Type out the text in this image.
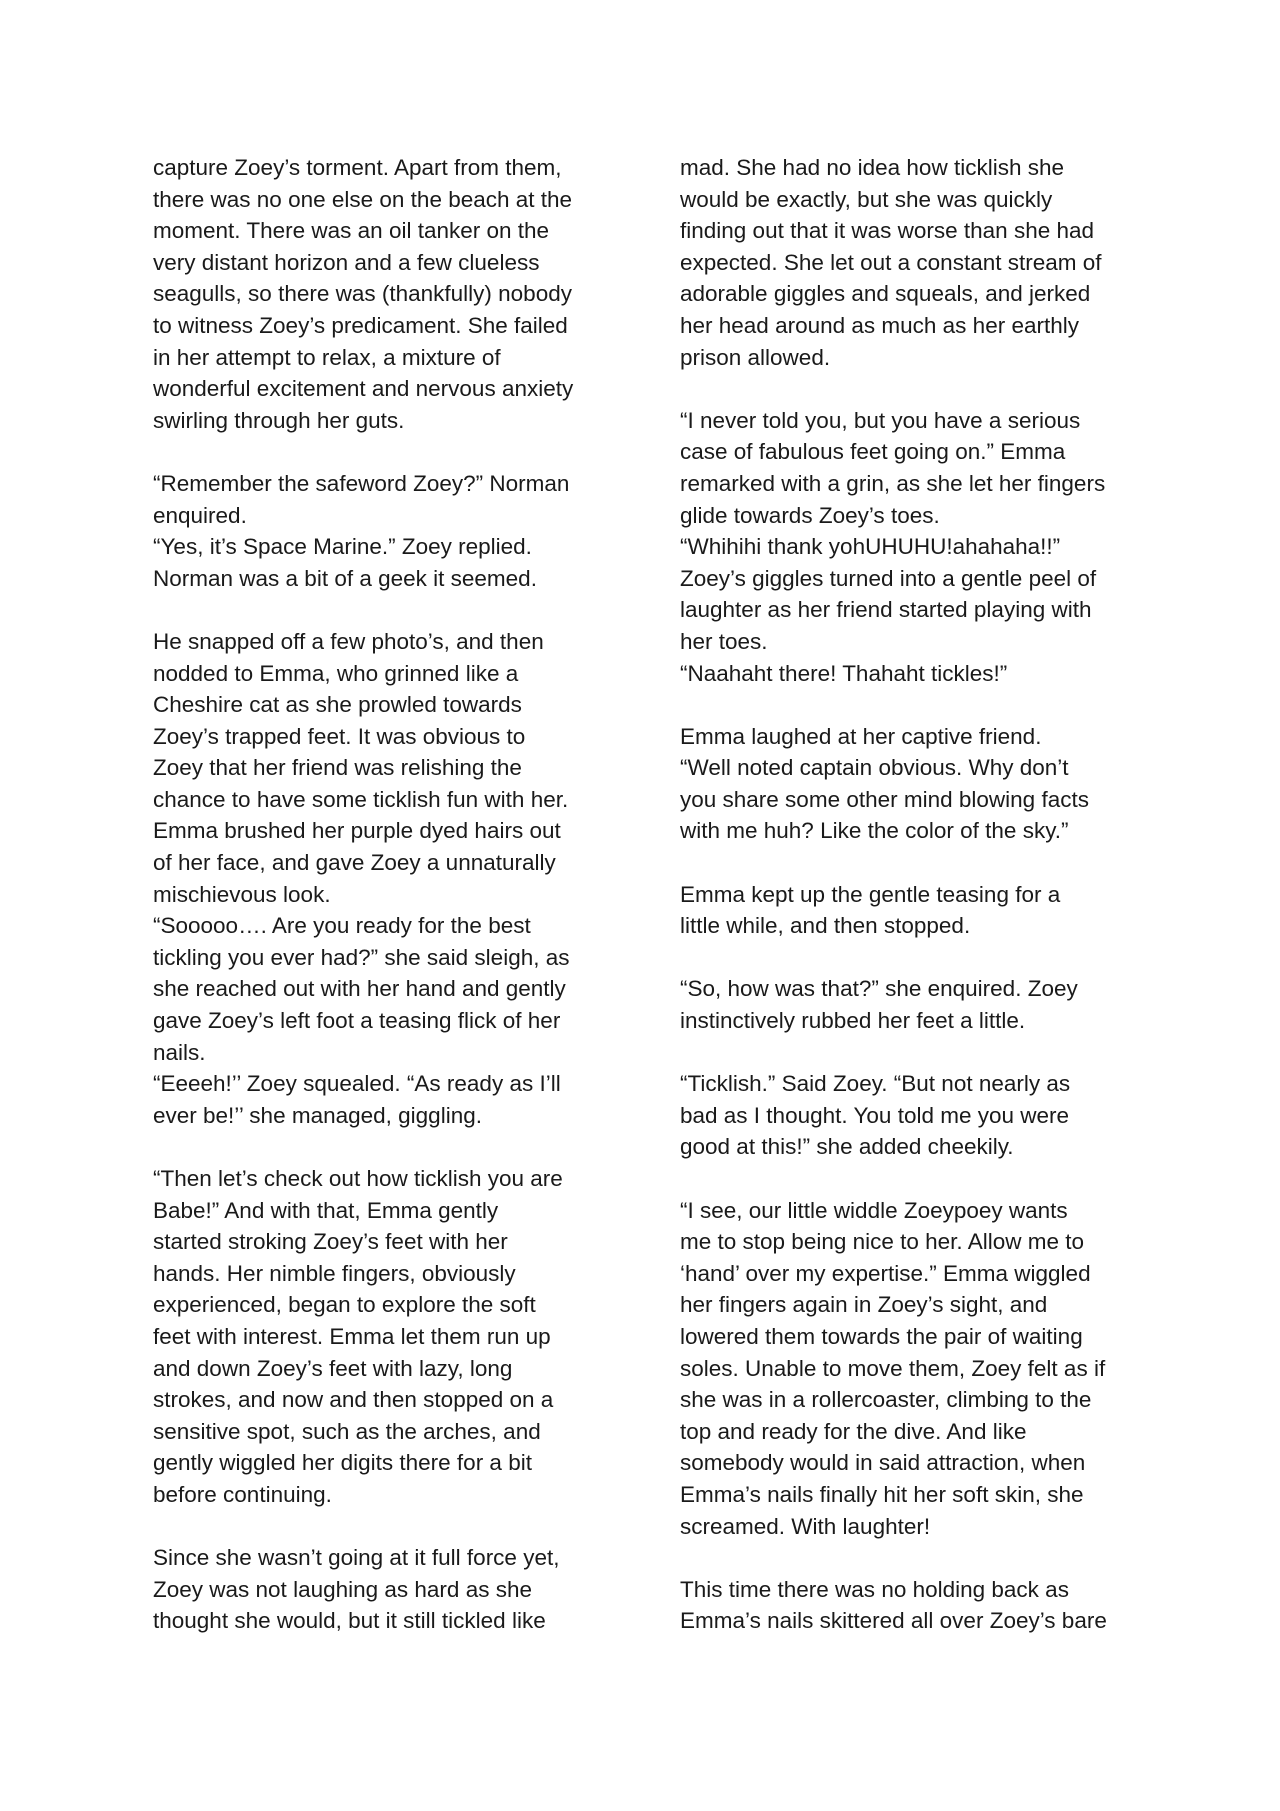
capture Zoey’s torment. Apart from them,
there was no one else on the beach at the
moment. There was an oil tanker on the
very distant horizon and a few clueless
seagulls, so there was (thankfully) nobody
to witness Zoey’s predicament. She failed
in her attempt to relax, a mixture of
wonderful excitement and nervous anxiety
swirling through her guts.

“Remember the safeword Zoey?” Norman
enquired.

“Yes, it’s Space Marine.” Zoey replied.
Norman was a bit of a geek it seemed.

He snapped off a few photo’s, and then
nodded to Emma, who grinned like a
Cheshire cat as she prowled towards
Zoey’s trapped feet. It was obvious to
Zoey that her friend was relishing the
chance to have some ticklish fun with her.
Emma brushed her purple dyed hairs out
of her face, and gave Zoey a unnaturally
mischievous look.

“Sooooo…. Are you ready for the best
tickling you ever had?” she said sleigh, as
she reached out with her hand and gently
gave Zoey’s left foot a teasing flick of her
nails.

“Eeeeh!’’ Zoey squealed. “As ready as I’ll
ever be!’’ she managed, giggling.

“Then let’s check out how ticklish you are
Babe!” And with that, Emma gently
started stroking Zoey’s feet with her
hands. Her nimble fingers, obviously
experienced, began to explore the soft
feet with interest. Emma let them run up
and down Zoey’s feet with lazy, long
strokes, and now and then stopped on a
sensitive spot, such as the arches, and
gently wiggled her digits there for a bit
before continuing.

Since she wasn’t going at it full force yet,
Zoey was not laughing as hard as she
thought she would, but it still tickled like

mad. She had no idea how ticklish she
would be exactly, but she was quickly
finding out that it was worse than she had
expected. She let out a constant stream of
adorable giggles and squeals, and jerked
her head around as much as her earthly
prison allowed.

“I never told you, but you have a serious
case of fabulous feet going on.” Emma
remarked with a grin, as she let her fingers
glide towards Zoey’s toes.

“Whihihi thank yohUHUHU!ahahaha!!”
Zoey’s giggles turned into a gentle peel of
laughter as her friend started playing with
her toes.

“Naahaht there! Thahaht tickles!”

Emma laughed at her captive friend.
“Well noted captain obvious. Why don’t
you share some other mind blowing facts
with me huh? Like the color of the sky.”

Emma kept up the gentle teasing for a
little while, and then stopped.

“So, how was that?” she enquired. Zoey
instinctively rubbed her feet a little.

“Ticklish.” Said Zoey. “But not nearly as
bad as I thought. You told me you were
good at this!” she added cheekily.

“I see, our little widdle Zoeypoey wants
me to stop being nice to her. Allow me to
‘hand’ over my expertise.” Emma wiggled
her fingers again in Zoey’s sight, and
lowered them towards the pair of waiting
soles. Unable to move them, Zoey felt as if
she was in a rollercoaster, climbing to the
top and ready for the dive. And like
somebody would in said attraction, when
Emma’s nails finally hit her soft skin, she
screamed. With laughter!

This time there was no holding back as
Emma’s nails skittered all over Zoey’s bare
